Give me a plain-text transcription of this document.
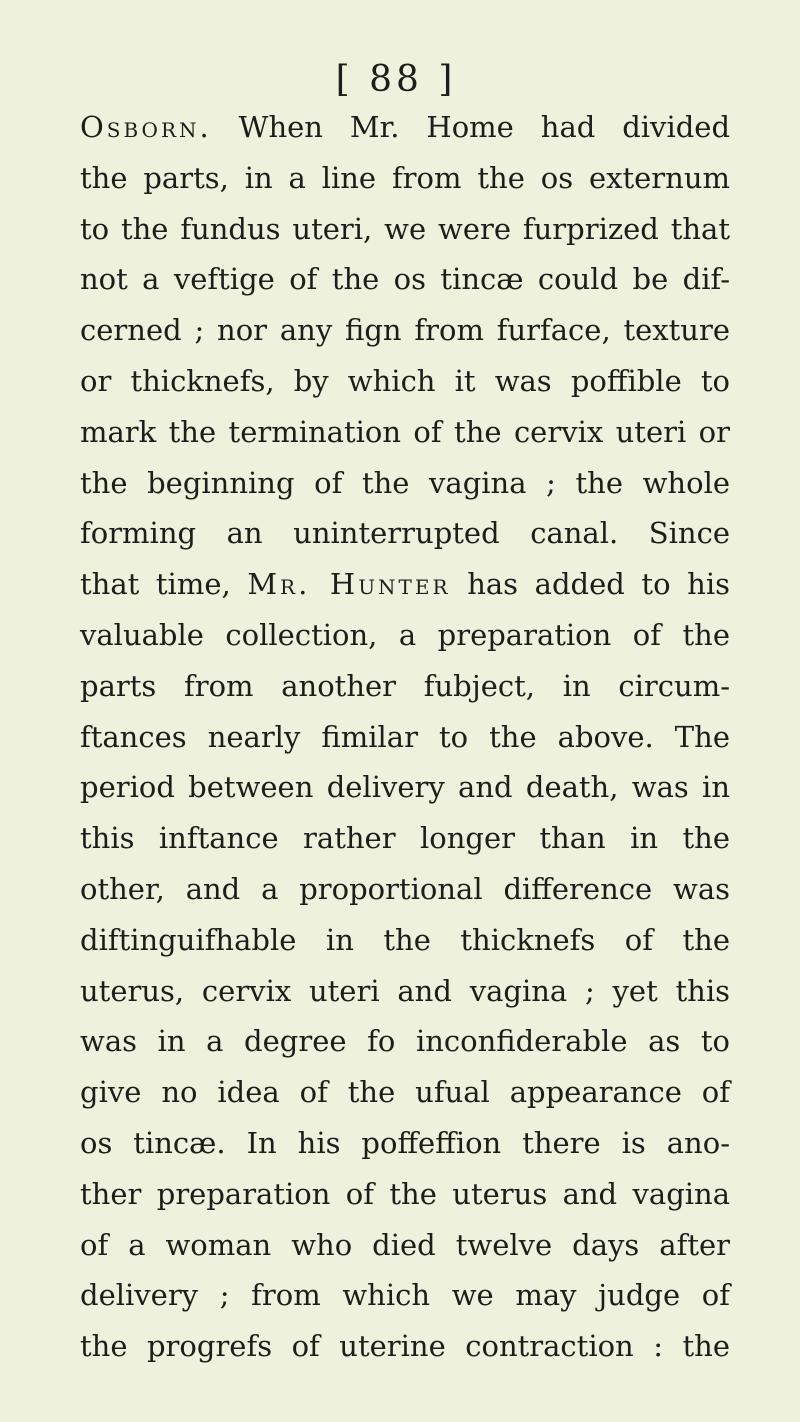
[ 88 ]
Osborn. When Mr. Home had divided
the parts, in a line from the os externum
to the fundus uteri, we were furprized that
not a veftige of the os tincæ could be dif-
cerned ; nor any fign from furface, texture
or thicknefs, by which it was poffible to
mark the termination of the cervix uteri or
the beginning of the vagina ; the whole
forming an uninterrupted canal. Since
that time, Mr. Hunter has added to his
valuable collection, a preparation of the
parts from another fubject, in circum-
ftances nearly fimilar to the above. The
period between delivery and death, was in
this inftance rather longer than in the
other, and a proportional difference was
diftinguifhable in the thicknefs of the
uterus, cervix uteri and vagina ; yet this
was in a degree fo inconfiderable as to
give no idea of the ufual appearance of
os tincæ. In his poffeffion there is ano-
ther preparation of the uterus and vagina
of a woman who died twelve days after
delivery ; from which we may judge of
the progrefs of uterine contraction : the
